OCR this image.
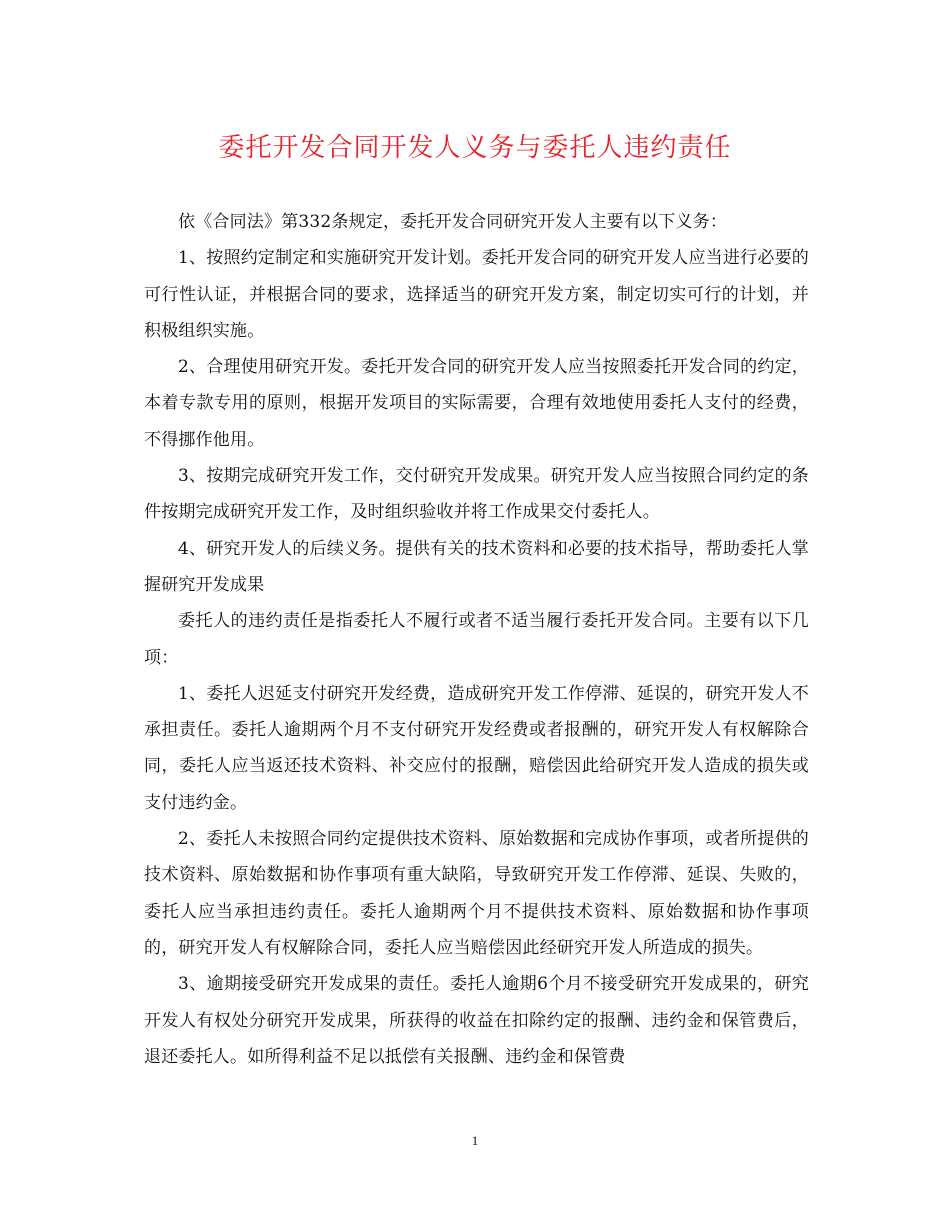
委托开发合同开发人义务与委托人违约责任

依《合同法》第332条规定，委托开发合同研究开发人主要有以下义务：

1、按照约定制定和实施研究开发计划。委托开发合同的研究开发人应当进行必要的可行性认证，并根据合同的要求，选择适当的研究开发方案，制定切实可行的计划，并积极组织实施。

2、合理使用研究开发。委托开发合同的研究开发人应当按照委托开发合同的约定，本着专款专用的原则，根据开发项目的实际需要，合理有效地使用委托人支付的经费，不得挪作他用。

3、按期完成研究开发工作，交付研究开发成果。研究开发人应当按照合同约定的条件按期完成研究开发工作，及时组织验收并将工作成果交付委托人。

4、研究开发人的后续义务。提供有关的技术资料和必要的技术指导，帮助委托人掌握研究开发成果

委托人的违约责任是指委托人不履行或者不适当履行委托开发合同。主要有以下几项：

1、委托人迟延支付研究开发经费，造成研究开发工作停滞、延误的，研究开发人不承担责任。委托人逾期两个月不支付研究开发经费或者报酬的，研究开发人有权解除合同，委托人应当返还技术资料、补交应付的报酬，赔偿因此给研究开发人造成的损失或支付违约金。

2、委托人未按照合同约定提供技术资料、原始数据和完成协作事项，或者所提供的技术资料、原始数据和协作事项有重大缺陷，导致研究开发工作停滞、延误、失败的，委托人应当承担违约责任。委托人逾期两个月不提供技术资料、原始数据和协作事项的，研究开发人有权解除合同，委托人应当赔偿因此经研究开发人所造成的损失。

3、逾期接受研究开发成果的责任。委托人逾期6个月不接受研究开发成果的，研究开发人有权处分研究开发成果，所获得的收益在扣除约定的报酬、违约金和保管费后，退还委托人。如所得利益不足以抵偿有关报酬、违约金和保管费

1
